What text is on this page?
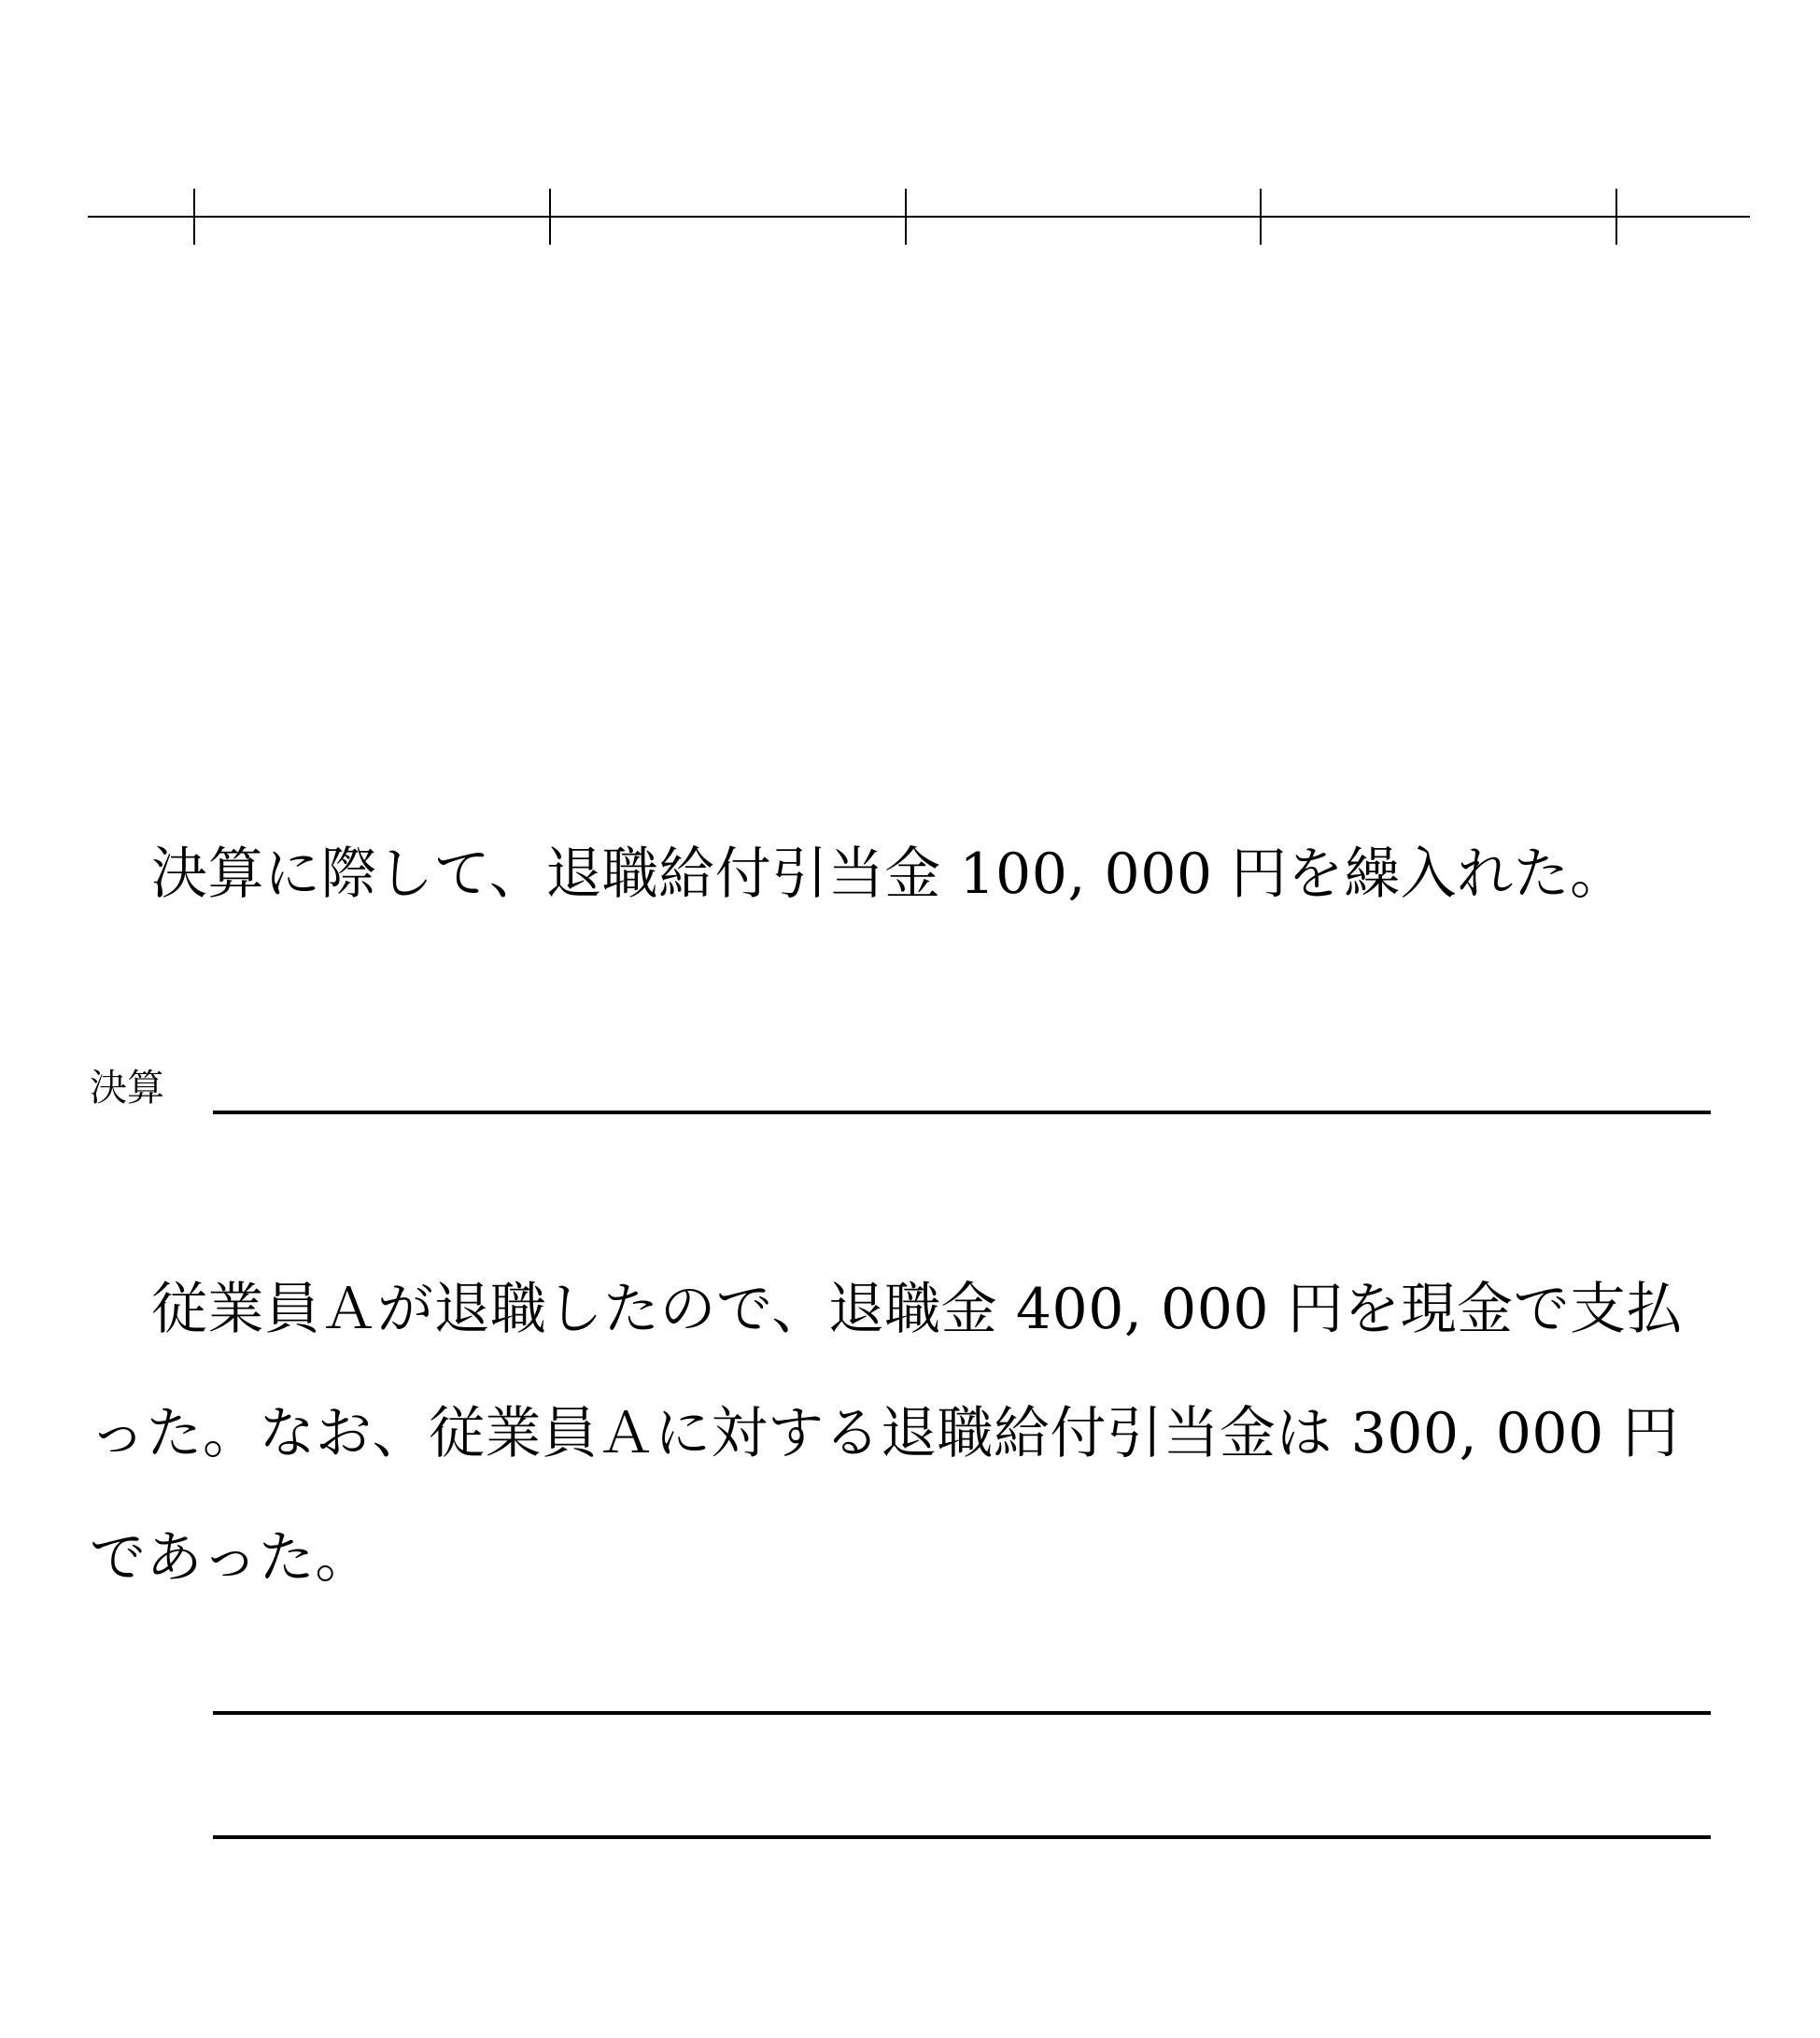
決算に際して、退職給付引当金 100, 000 円を繰入れた。

決算

従業員Ａが退職したので、退職金 400, 000 円を現金で支払った。なお、従業員Ａに対する退職給付引当金は 300, 000 円であった。
